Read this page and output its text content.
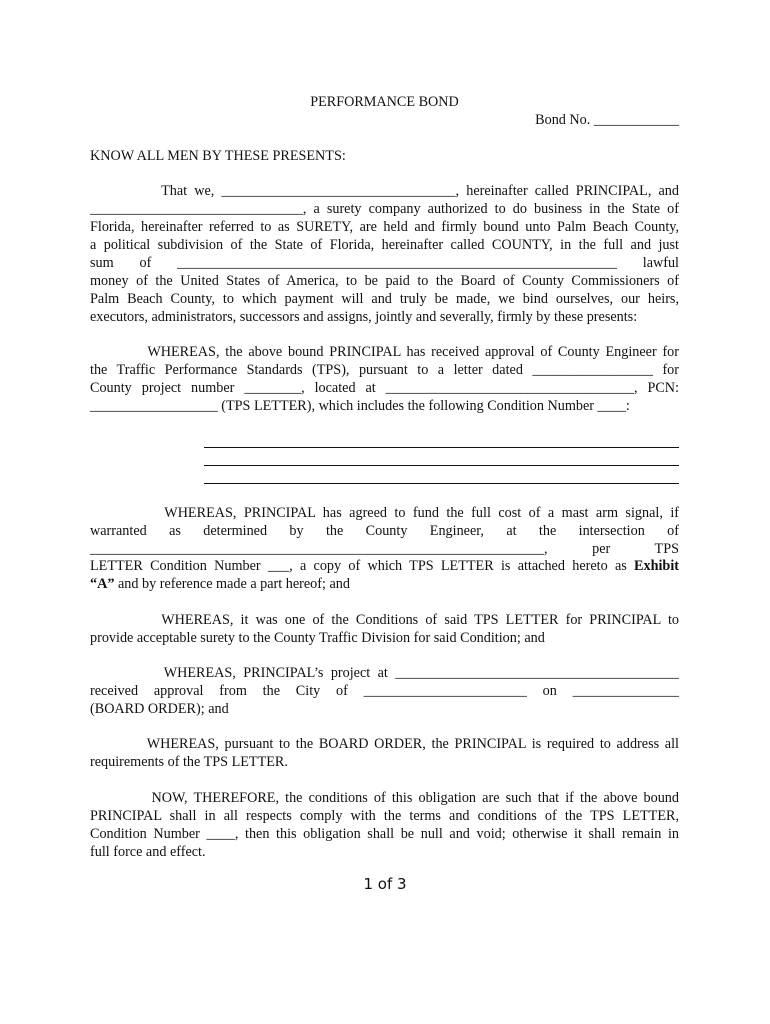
PERFORMANCE BOND
Bond No. ____________
KNOW ALL MEN BY THESE PRESENTS:
That we, _________________________________, hereinafter called PRINCIPAL, and
______________________________, a surety company authorized to do business in the State of
Florida, hereinafter referred to as SURETY, are held and firmly bound unto Palm Beach County,
a political subdivision of the State of Florida, hereinafter called COUNTY, in the full and just
sum of ______________________________________________________________ lawful
money of the United States of America, to be paid to the Board of County Commissioners of
Palm Beach County, to which payment will and truly be made, we bind ourselves, our heirs,
executors, administrators, successors and assigns, jointly and severally, firmly by these presents:
WHEREAS, the above bound PRINCIPAL has received approval of County Engineer for
the Traffic Performance Standards (TPS), pursuant to a letter dated _________________ for
County project number ________, located at ___________________________________, PCN:
__________________ (TPS LETTER), which includes the following Condition Number ____:
WHEREAS, PRINCIPAL has agreed to fund the full cost of a mast arm signal, if
warranted as determined by the County Engineer, at the intersection of
________________________________________________________________, per TPS
LETTER Condition Number ___, a copy of which TPS LETTER is attached hereto as Exhibit
“A” and by reference made a part hereof; and
WHEREAS, it was one of the Conditions of said TPS LETTER for PRINCIPAL to
provide acceptable surety to the County Traffic Division for said Condition; and
WHEREAS, PRINCIPAL’s project at ________________________________________
received approval from the City of _______________________ on _______________
(BOARD ORDER); and
WHEREAS, pursuant to the BOARD ORDER, the PRINCIPAL is required to address all
requirements of the TPS LETTER.
NOW, THEREFORE, the conditions of this obligation are such that if the above bound
PRINCIPAL shall in all respects comply with the terms and conditions of the TPS LETTER,
Condition Number ____, then this obligation shall be null and void; otherwise it shall remain in
full force and effect.
1 of 3
